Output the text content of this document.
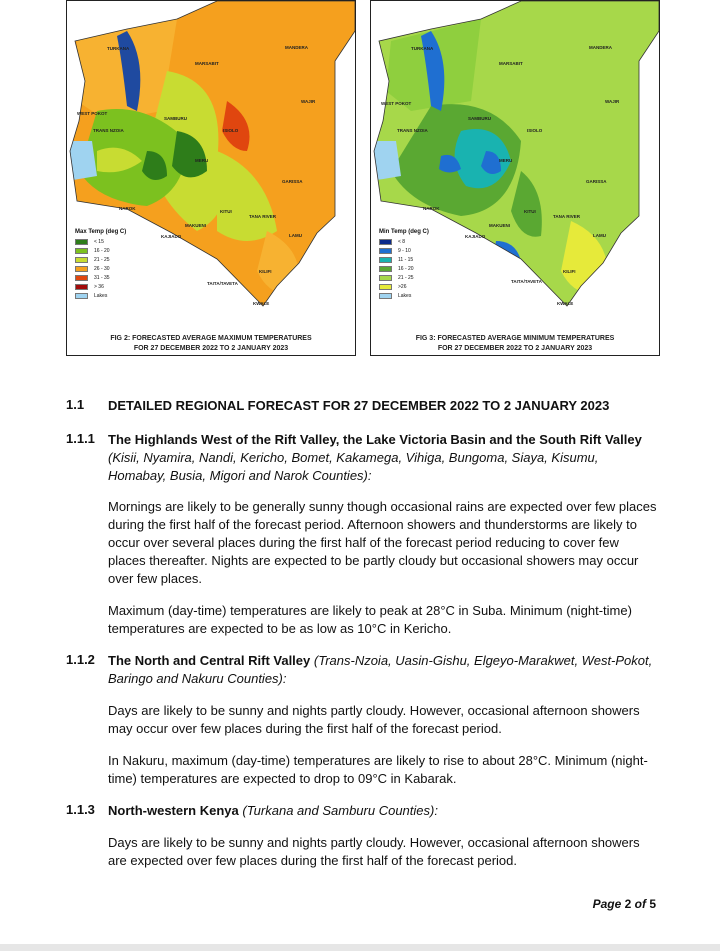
TURKANA	MANDERA
MARSABIT
WAJIR
WEST POKOT
SAMBURU
ISIOLO
TRANS NZOIA
GARISSA
KITUI
TANA RIVER
MAKUENI
LAMU
KAJIADO
TAITA/TAVETA
KILIFI
KWALE
NAROK
MERU
Max Temp (deg C)
< 15
16 - 20
21 - 25
26 - 30
31 - 35
> 36
Lakes
FIG 2: FORECASTED AVERAGE MAXIMUM TEMPERATURES
FOR 27 DECEMBER 2022 TO 2 JANUARY 2023
TURKANA	MANDERA
MARSABIT
WAJIR
WEST POKOT
SAMBURU
ISIOLO
TRANS NZOIA
GARISSA
KITUI
TANA RIVER
MAKUENI
LAMU
KAJIADO
TAITA/TAVETA
KILIFI
KWALE
NAROK
MERU
Min Temp (deg C)
< 8
9 - 10
11 - 15
16 - 20
21 - 25
>26
Lakes
FIG 3: FORECASTED AVERAGE MINIMUM TEMPERATURES
FOR 27 DECEMBER 2022 TO 2 JANUARY 2023
1.1 DETAILED REGIONAL FORECAST FOR 27 DECEMBER 2022 TO 2 JANUARY 2023
1.1.1 The Highlands West of the Rift Valley, the Lake Victoria Basin and the South Rift Valley (Kisii, Nyamira, Nandi, Kericho, Bomet, Kakamega, Vihiga, Bungoma, Siaya, Kisumu, Homabay, Busia, Migori and Narok Counties):
Mornings are likely to be generally sunny though occasional rains are expected over few places during the first half of the forecast period. Afternoon showers and thunderstorms are likely to occur over several places during the first half of the forecast period reducing to cover few places thereafter. Nights are expected to be partly cloudy but occasional showers may occur over few places.
Maximum (day-time) temperatures are likely to peak at 28°C in Suba. Minimum (night-time) temperatures are expected to be as low as 10°C in Kericho.
1.1.2 The North and Central Rift Valley (Trans-Nzoia, Uasin-Gishu, Elgeyo-Marakwet, West-Pokot, Baringo and Nakuru Counties):
Days are likely to be sunny and nights partly cloudy. However, occasional afternoon showers may occur over few places during the first half of the forecast period.
In Nakuru, maximum (day-time) temperatures are likely to rise to about 28°C. Minimum (night-time) temperatures are expected to drop to 09°C in Kabarak.
1.1.3 North-western Kenya (Turkana and Samburu Counties):
Days are likely to be sunny and nights partly cloudy. However, occasional afternoon showers are expected over few places during the first half of the forecast period.
Page 2 of 5
